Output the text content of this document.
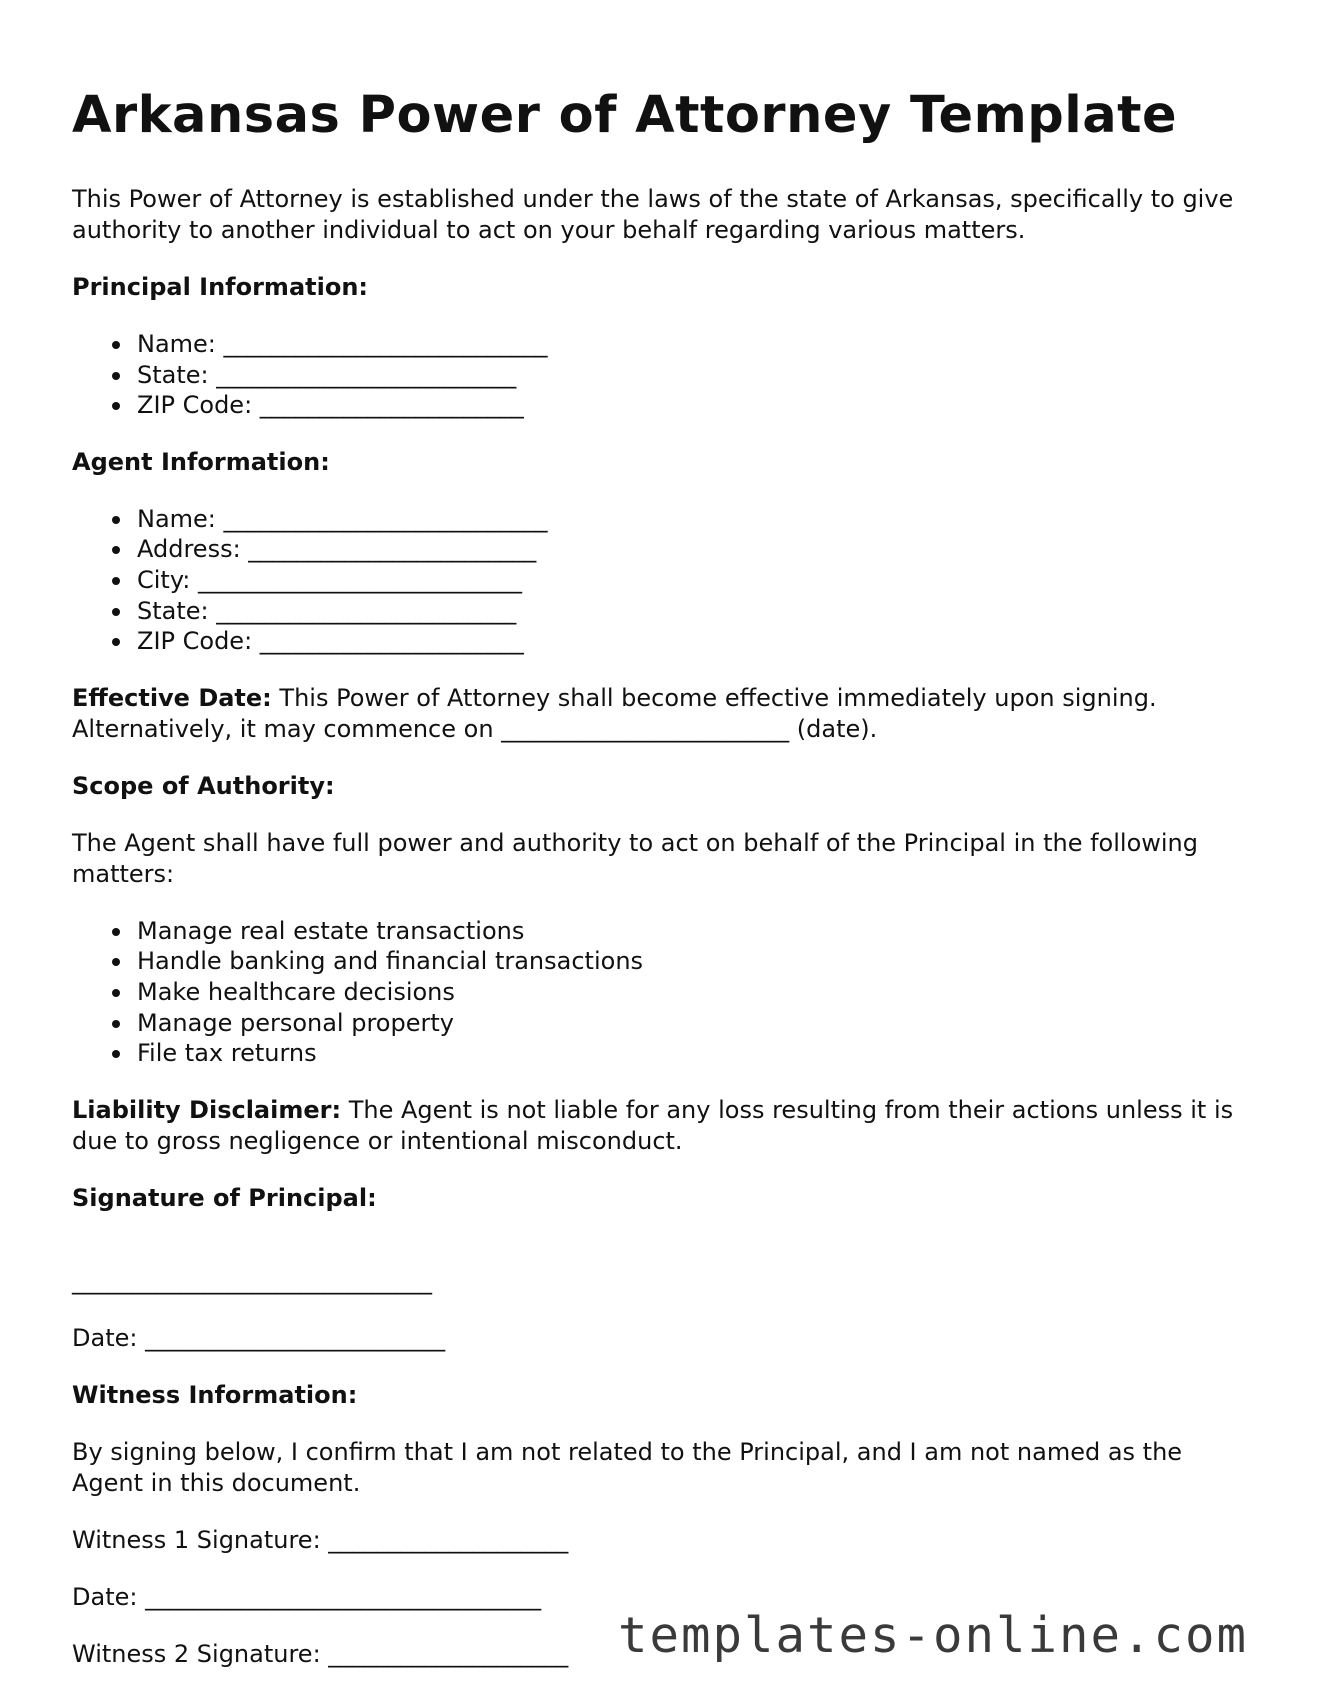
Arkansas Power of Attorney Template

This Power of Attorney is established under the laws of the state of Arkansas, specifically to give authority to another individual to act on your behalf regarding various matters.

Principal Information:
Name: ___________________________
State: _________________________
ZIP Code: ______________________
Agent Information:
Name: ___________________________
Address: ________________________
City: ___________________________
State: _________________________
ZIP Code: ______________________

Effective Date: This Power of Attorney shall become effective immediately upon signing. Alternatively, it may commence on ________________________ (date).

Scope of Authority:

The Agent shall have full power and authority to act on behalf of the Principal in the following matters:

Manage real estate transactions
Handle banking and financial transactions
Make healthcare decisions
Manage personal property
File tax returns

Liability Disclaimer: The Agent is not liable for any loss resulting from their actions unless it is due to gross negligence or intentional misconduct.

Signature of Principal:
______________________________
Date: _________________________
Witness Information:

By signing below, I confirm that I am not related to the Principal, and I am not named as the Agent in this document.

Witness 1 Signature: ____________________
Date: _________________________________
Witness 2 Signature: ____________________	templates-online.com
